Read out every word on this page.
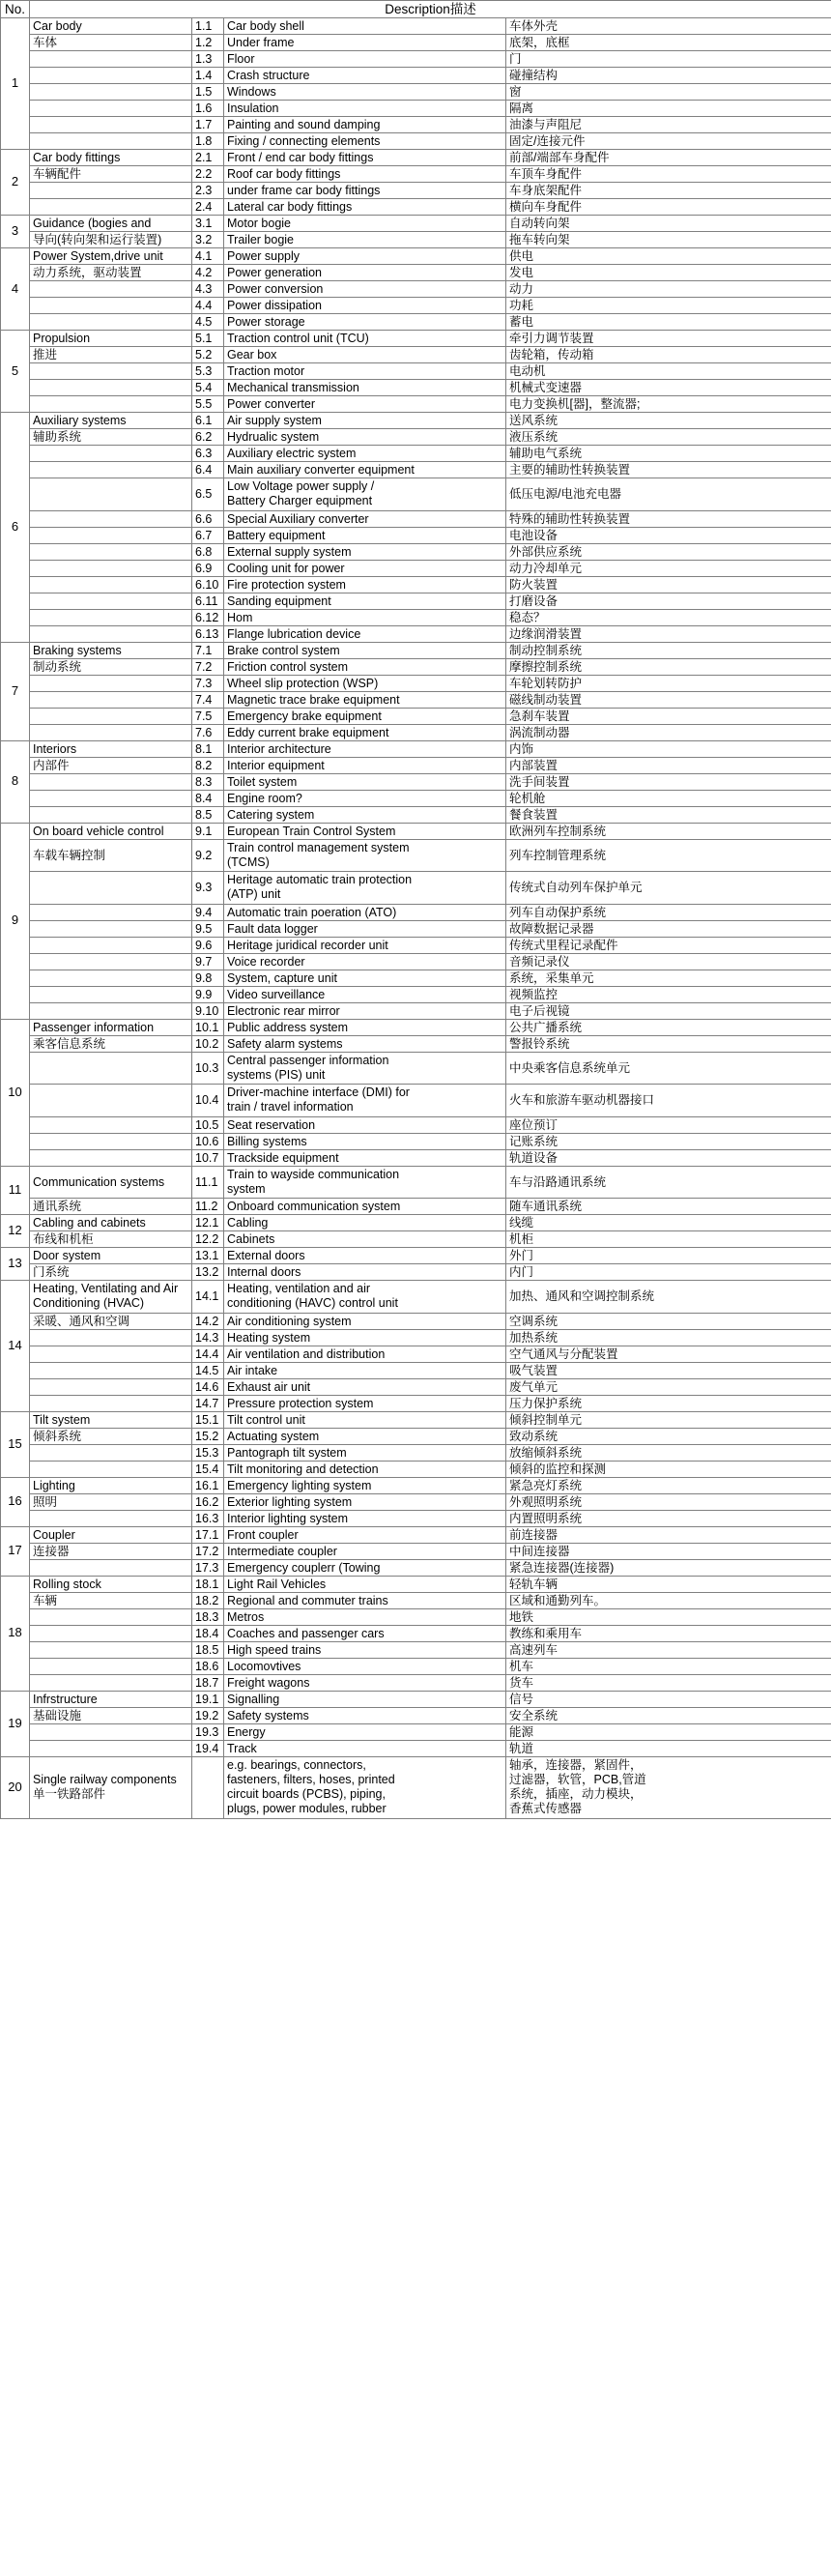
No.	Description描述			
1	Car body	1.1	Car body shell	车体外壳
	车体	1.2	Under frame	底架，底框
		1.3	Floor	门
		1.4	Crash structure	碰撞结构
		1.5	Windows	窗
		1.6	Insulation	隔离
		1.7	Painting and sound damping	油漆与声阻尼
		1.8	Fixing / connecting elements	固定/连接元件
2	Car body fittings	2.1	Front / end car body fittings	前部/端部车身配件
	车辆配件	2.2	Roof car body fittings	车顶车身配件
		2.3	under frame car body fittings	车身底架配件
		2.4	Lateral car body fittings	横向车身配件
3	Guidance (bogies and	3.1	Motor bogie	自动转向架
	导向(转向架和运行装置)	3.2	Trailer bogie	拖车转向架
4	Power System,drive unit	4.1	Power supply	供电
	动力系统，驱动装置	4.2	Power generation	发电
		4.3	Power conversion	动力
		4.4	Power dissipation	功耗
		4.5	Power storage	蓄电
5	Propulsion	5.1	Traction control unit (TCU)	牵引力调节装置
	推进	5.2	Gear box	齿轮箱，传动箱
		5.3	Traction motor	电动机
		5.4	Mechanical transmission	机械式变速器
		5.5	Power converter	电力变换机[器]，整流器;
6	Auxiliary systems	6.1	Air supply system	送风系统
	辅助系统	6.2	Hydrualic system	液压系统
		6.3	Auxiliary electric system	辅助电气系统
		6.4	Main auxiliary converter equipment	主要的辅助性转换装置
		6.5	Low Voltage power supply /
Battery Charger equipment	低压电源/电池充电器
		6.6	Special Auxiliary converter	特殊的辅助性转换装置
		6.7	Battery equipment	电池设备
		6.8	External supply system	外部供应系统
		6.9	Cooling unit for power	动力冷却单元
		6.10	Fire protection system	防火装置
		6.11	Sanding equipment	打磨设备
		6.12	Hom	稳态？
		6.13	Flange lubrication device	边缘润滑装置
7	Braking systems	7.1	Brake control system	制动控制系统
	制动系统	7.2	Friction control system	摩擦控制系统
		7.3	Wheel slip protection (WSP)	车轮划转防护
		7.4	Magnetic trace brake equipment	磁线制动装置
		7.5	Emergency brake equipment	急刹车装置
		7.6	Eddy current brake equipment	涡流制动器
8	Interiors	8.1	Interior architecture	内饰
	内部件	8.2	Interior equipment	内部装置
		8.3	Toilet system	洗手间装置
		8.4	Engine room?	轮机舱
		8.5	Catering system	餐食装置
9	On board vehicle control	9.1	European Train Control System	欧洲列车控制系统
	车载车辆控制	9.2	Train control management system
(TCMS)	列车控制管理系统
		9.3	Heritage automatic train protection
(ATP) unit	传统式自动列车保护单元
		9.4	Automatic train poeration (ATO)	列车自动保护系统
		9.5	Fault data logger	故障数据记录器
		9.6	Heritage juridical recorder unit	传统式里程记录配件
		9.7	Voice recorder	音频记录仪
		9.8	System, capture unit	系统，采集单元
		9.9	Video surveillance	视频监控
		9.10	Electronic rear mirror	电子后视镜
10	Passenger information	10.1	Public address system	公共广播系统
	乘客信息系统	10.2	Safety alarm systems	警报铃系统
		10.3	Central passenger information
systems (PIS) unit	中央乘客信息系统单元
		10.4	Driver-machine interface (DMI) for
train / travel information	火车和旅游车驱动机器接口
		10.5	Seat reservation	座位预订
		10.6	Billing systems	记账系统
		10.7	Trackside equipment	轨道设备
11	Communication systems	11.1	Train to wayside communication
system	车与沿路通讯系统
	通讯系统	11.2	Onboard communication system	随车通讯系统
12	Cabling and cabinets	12.1	Cabling	线缆
	布线和机柜	12.2	Cabinets	机柜
13	Door system	13.1	External doors	外门
	门系统	13.2	Internal doors	内门
14	Heating, Ventilating and Air
Conditioning (HVAC)	14.1	Heating, ventilation and air
conditioning (HAVC) control unit	加热、通风和空调控制系统
	采暖、通风和空调	14.2	Air conditioning system	空调系统
		14.3	Heating system	加热系统
		14.4	Air ventilation and distribution	空气通风与分配装置
		14.5	Air intake	吸气装置
		14.6	Exhaust air unit	废气单元
		14.7	Pressure protection system	压力保护系统
15	Tilt system	15.1	Tilt control unit	倾斜控制单元
	倾斜系统	15.2	Actuating system	致动系统
		15.3	Pantograph tilt system	放缩倾斜系统
		15.4	Tilt monitoring and detection	倾斜的监控和探测
16	Lighting	16.1	Emergency lighting system	紧急亮灯系统
	照明	16.2	Exterior lighting system	外观照明系统
		16.3	Interior lighting system	内置照明系统
17	Coupler	17.1	Front coupler	前连接器
	连接器	17.2	Intermediate coupler	中间连接器
		17.3	Emergency couplerr (Towing	紧急连接器(连接器)
18	Rolling stock	18.1	Light Rail Vehicles	轻轨车辆
	车辆	18.2	Regional and commuter trains	区域和通勤列车。
		18.3	Metros	地铁
		18.4	Coaches and passenger cars	教练和乘用车
		18.5	High speed trains	高速列车
		18.6	Locomovtives	机车
		18.7	Freight wagons	货车
19	Infrstructure	19.1	Signalling	信号
	基础设施	19.2	Safety systems	安全系统
		19.3	Energy	能源
		19.4	Track	轨道
20	Single railway components
单一铁路部件		e.g. bearings, connectors,
fasteners, filters, hoses, printed
circuit boards (PCBS), piping,
plugs, power modules, rubber	轴承，连接器，紧固件，
过滤器，软管，PCB,管道
系统，插座，动力模块，
香蕉式传感器
